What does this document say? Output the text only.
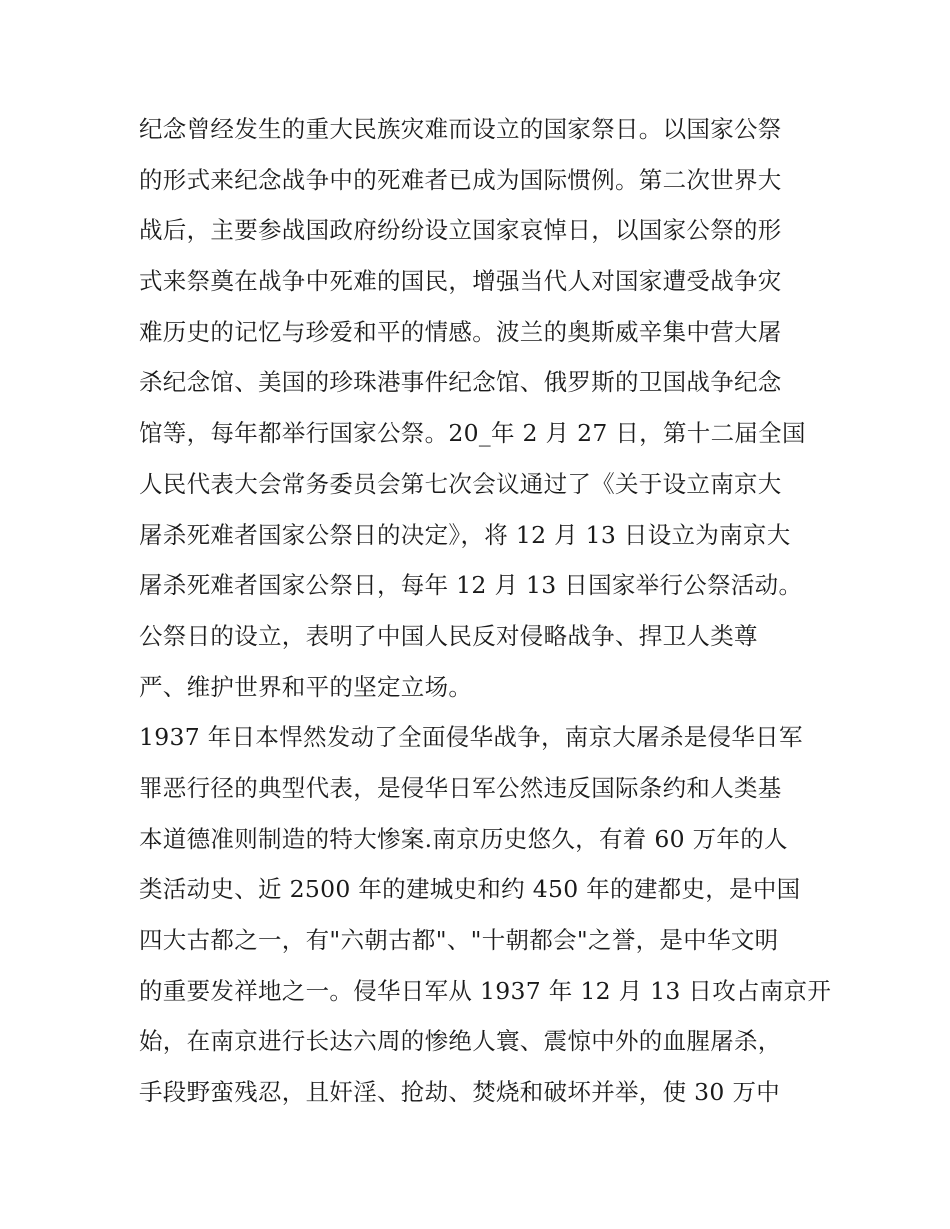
纪念曾经发生的重大民族灾难而设立的国家祭日。以国家公祭
的形式来纪念战争中的死难者已成为国际惯例。第二次世界大
战后，主要参战国政府纷纷设立国家哀悼日，以国家公祭的形
式来祭奠在战争中死难的国民，增强当代人对国家遭受战争灾
难历史的记忆与珍爱和平的情感。波兰的奥斯威辛集中营大屠
杀纪念馆、美国的珍珠港事件纪念馆、俄罗斯的卫国战争纪念
馆等，每年都举行国家公祭。20_年 2 月 27 日，第十二届全国
人民代表大会常务委员会第七次会议通过了《关于设立南京大
屠杀死难者国家公祭日的决定》，将 12 月 13 日设立为南京大
屠杀死难者国家公祭日，每年 12 月 13 日国家举行公祭活动。
公祭日的设立，表明了中国人民反对侵略战争、捍卫人类尊
严、维护世界和平的坚定立场。
1937 年日本悍然发动了全面侵华战争，南京大屠杀是侵华日军
罪恶行径的典型代表，是侵华日军公然违反国际条约和人类基
本道德准则制造的特大惨案.南京历史悠久，有着 60 万年的人
类活动史、近 2500 年的建城史和约 450 年的建都史，是中国
四大古都之一，有"六朝古都"、"十朝都会"之誉，是中华文明
的重要发祥地之一。侵华日军从 1937 年 12 月 13 日攻占南京开
始，在南京进行长达六周的惨绝人寰、震惊中外的血腥屠杀，
手段野蛮残忍，且奸淫、抢劫、焚烧和破坏并举，使 30 万中
